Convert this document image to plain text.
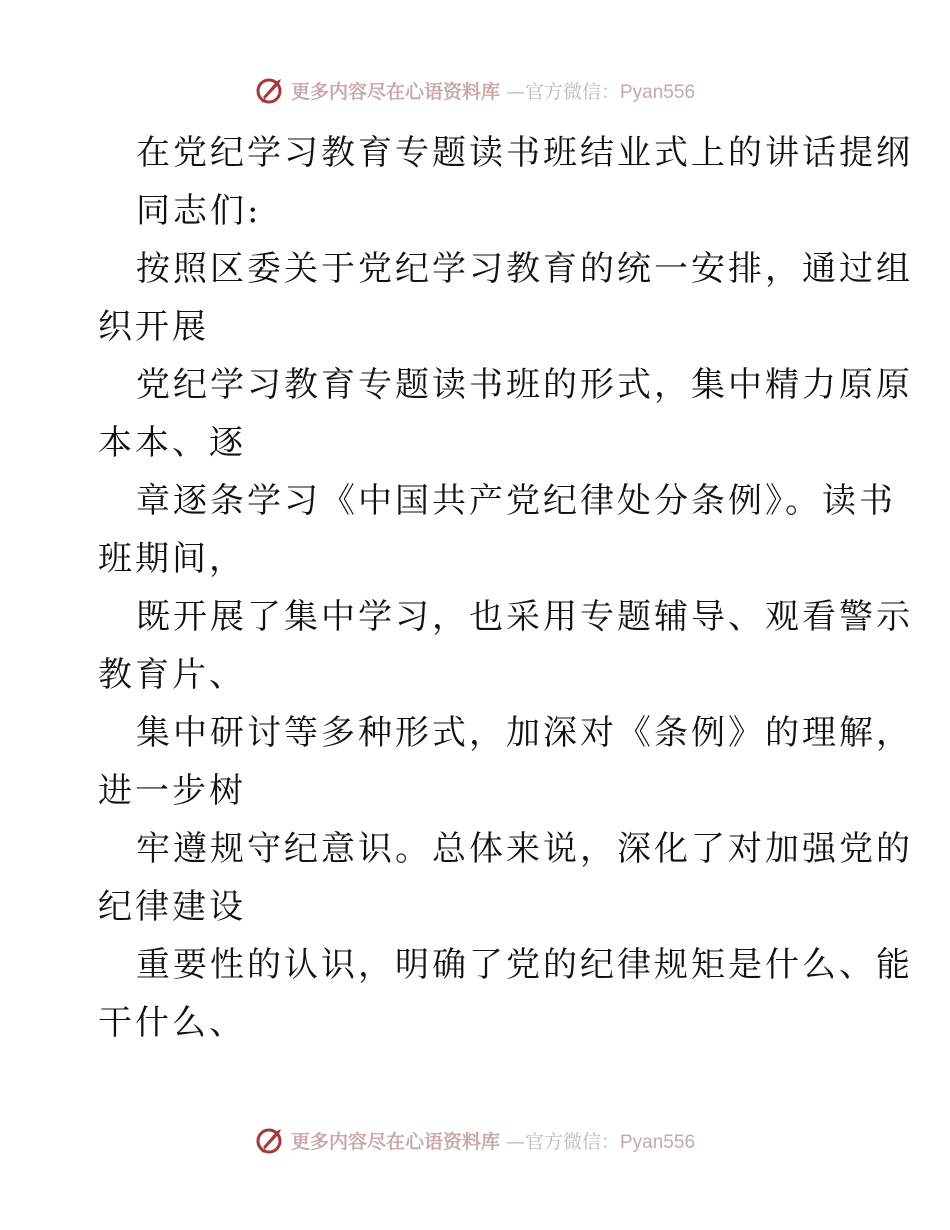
更多内容尽在心语资料库 —官方微信：Pyan556
在党纪学习教育专题读书班结业式上的讲话提纲
同志们:
按照区委关于党纪学习教育的统一安排，通过组
织开展
党纪学习教育专题读书班的形式，集中精力原原
本本、逐
章逐条学习《中国共产党纪律处分条例》。读书
班期间，
既开展了集中学习，也采用专题辅导、观看警示
教育片、
集中研讨等多种形式，加深对《条例》的理解，
进一步树
牢遵规守纪意识。总体来说，深化了对加强党的
纪律建设
重要性的认识，明确了党的纪律规矩是什么、能
干什么、
更多内容尽在心语资料库 —官方微信：Pyan556
